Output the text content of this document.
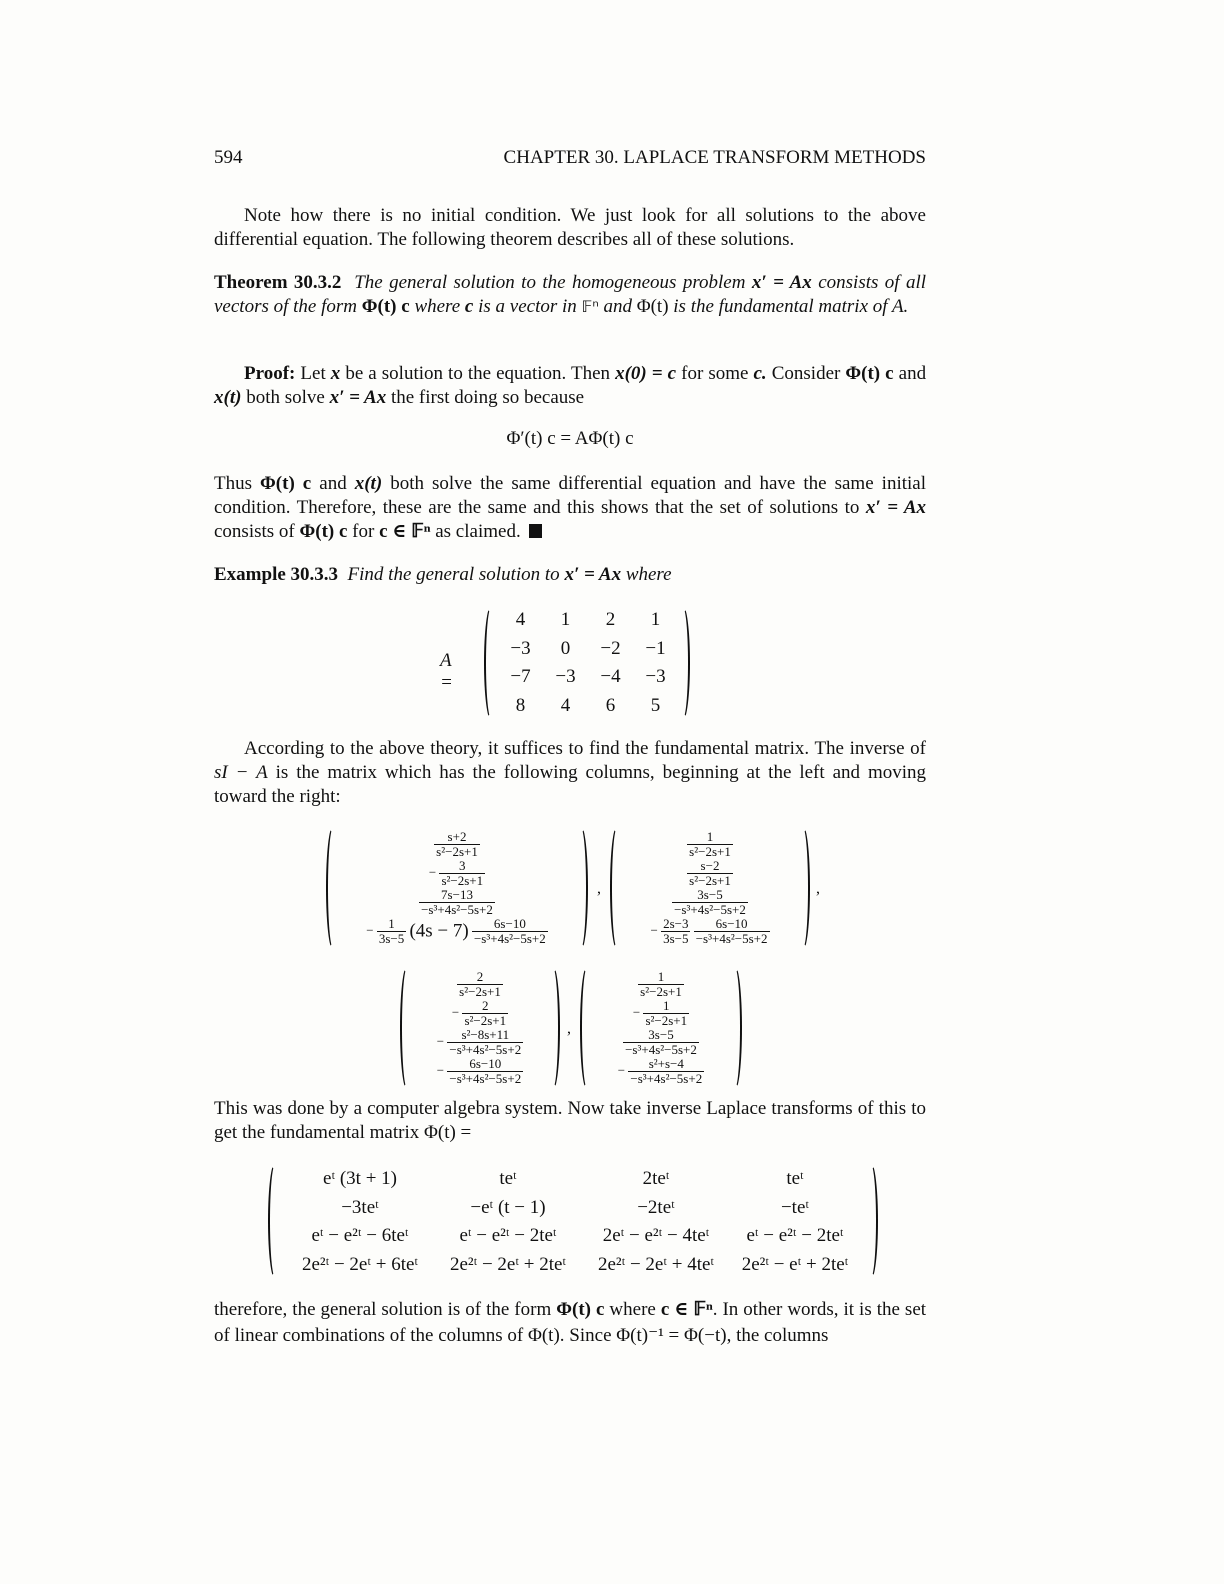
594	CHAPTER 30. LAPLACE TRANSFORM METHODS
Note how there is no initial condition. We just look for all solutions to the above differential equation. The following theorem describes all of these solutions.
Theorem 30.3.2 The general solution to the homogeneous problem x′ = Ax consists of all vectors of the form Φ(t) c where c is a vector in 𝔽ⁿ and Φ(t) is the fundamental matrix of A.
Proof: Let x be a solution to the equation. Then x(0) = c for some c. Consider Φ(t) c and x(t) both solve x′ = Ax the first doing so because
Φ′(t) c = AΦ(t) c
Thus Φ(t) c and x(t) both solve the same differential equation and have the same initial condition. Therefore, these are the same and this shows that the set of solutions to x′ = Ax consists of Φ(t) c for c ∈ 𝔽ⁿ as claimed.
Example 30.3.3 Find the general solution to x′ = Ax where
A =
4	1	2	1
−3	0	−2	−1
−7	−3	−4	−3
8	4	6	5
According to the above theory, it suffices to find the fundamental matrix. The inverse of sI − A is the matrix which has the following columns, beginning at the left and moving toward the right:
$\frac{s+2}{\text{s²−2s+1}}$
− $\frac{3}{\text{s²−2s+1}}$
$\frac{7s-13}{\text{−s³+4s²−5s+2}}$
− $\frac{1}{3s-5} (4s - 7) \frac{6s-10}{\text{−s³+4s²−5s+2}}$
,
$\frac{1}{\text{s²−2s+1}}$
$\frac{s-2}{\text{s²−2s+1}}$
$\frac{3s-5}{\text{−s³+4s²−5s+2}}$
− $\frac{2s-3}{3s-5}$
$\frac{6s-10}{\text{−s³+4s²−5s+2}}$
,
$\frac{2}{\text{s²−2s+1}}$
− $\frac{2}{\text{s²−2s+1}}$
− $\frac{\text{s²−8s+11}}{\text{−s³+4s²−5s+2}}$
− $\frac{6s-10}{\text{−s³+4s²−5s+2}}$
,
$\frac{1}{\text{s²−2s+1}}$
− $\frac{1}{\text{s²−2s+1}}$
$\frac{3s-5}{\text{−s³+4s²−5s+2}}$
− $\frac{\text{s²+s−4}}{\text{−s³+4s²−5s+2}}$
This was done by a computer algebra system. Now take inverse Laplace transforms of this to get the fundamental matrix Φ(t) =
eᵗ (3t + 1)	teᵗ	2teᵗ	teᵗ
−3teᵗ	−eᵗ (t − 1)	−2teᵗ	−teᵗ
eᵗ − e²ᵗ − 6teᵗ	eᵗ − e²ᵗ − 2teᵗ	2eᵗ − e²ᵗ − 4teᵗ	eᵗ − e²ᵗ − 2teᵗ
2e²ᵗ − 2eᵗ + 6teᵗ	2e²ᵗ − 2eᵗ + 2teᵗ	2e²ᵗ − 2eᵗ + 4teᵗ	2e²ᵗ − eᵗ + 2teᵗ
therefore, the general solution is of the form Φ(t) c where c ∈ 𝔽ⁿ. In other words, it is the set of linear combinations of the columns of Φ(t). Since Φ(t)⁻¹ = Φ(−t), the columns
